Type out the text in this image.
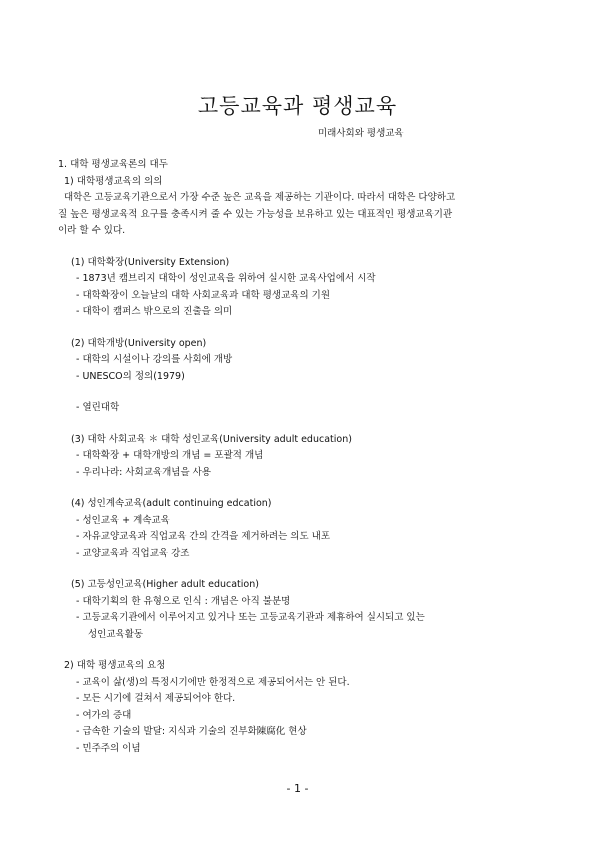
고등교육과 평생교육
미래사회와 평생교육
1. 대학 평생교육론의 대두
1) 대학평생교육의 의의
대학은 고등교육기관으로서 가장 수준 높은 교육을 제공하는 기관이다. 따라서 대학은 다양하고
질 높은 평생교육적 요구를 충족시켜 줄 수 있는 가능성을 보유하고 있는 대표적인 평생교육기관
이라 할 수 있다.
(1) 대학확장(University Extension)
- 1873년 캠브리지 대학이 성인교육을 위하여 실시한 교육사업에서 시작
- 대학확장이 오늘날의 대학 사회교육과 대학 평생교육의 기원
- 대학이 캠퍼스 밖으로의 진출을 의미
(2) 대학개방(University open)
- 대학의 시설이나 강의를 사회에 개방
- UNESCO의 정의(1979)
- 열린대학
(3) 대학 사회교육 ＊ 대학 성인교육(University adult education)
- 대학확장 + 대학개방의 개념 = 포괄적 개념
- 우리나라: 사회교육개념을 사용
(4) 성인계속교육(adult continuing edcation)
- 성인교육 + 계속교육
- 자유교양교육과 직업교육 간의 간격을 제거하려는 의도 내포
- 교양교육과 직업교육 강조
(5) 고등성인교육(Higher adult education)
- 대학기획의 한 유형으로 인식 : 개념은 아직 불분명
- 고등교육기관에서 이루어지고 있거나 또는 고등교육기관과 제휴하여 실시되고 있는
성인교육활동
2) 대학 평생교육의 요청
- 교육이 삶(생)의 특정시기에만 한정적으로 제공되어서는 안 된다.
- 모든 시기에 걸쳐서 제공되어야 한다.
- 여가의 증대
- 급속한 기술의 발달: 지식과 기술의 진부화陳腐化 현상
- 민주주의 이념
- 1 -
